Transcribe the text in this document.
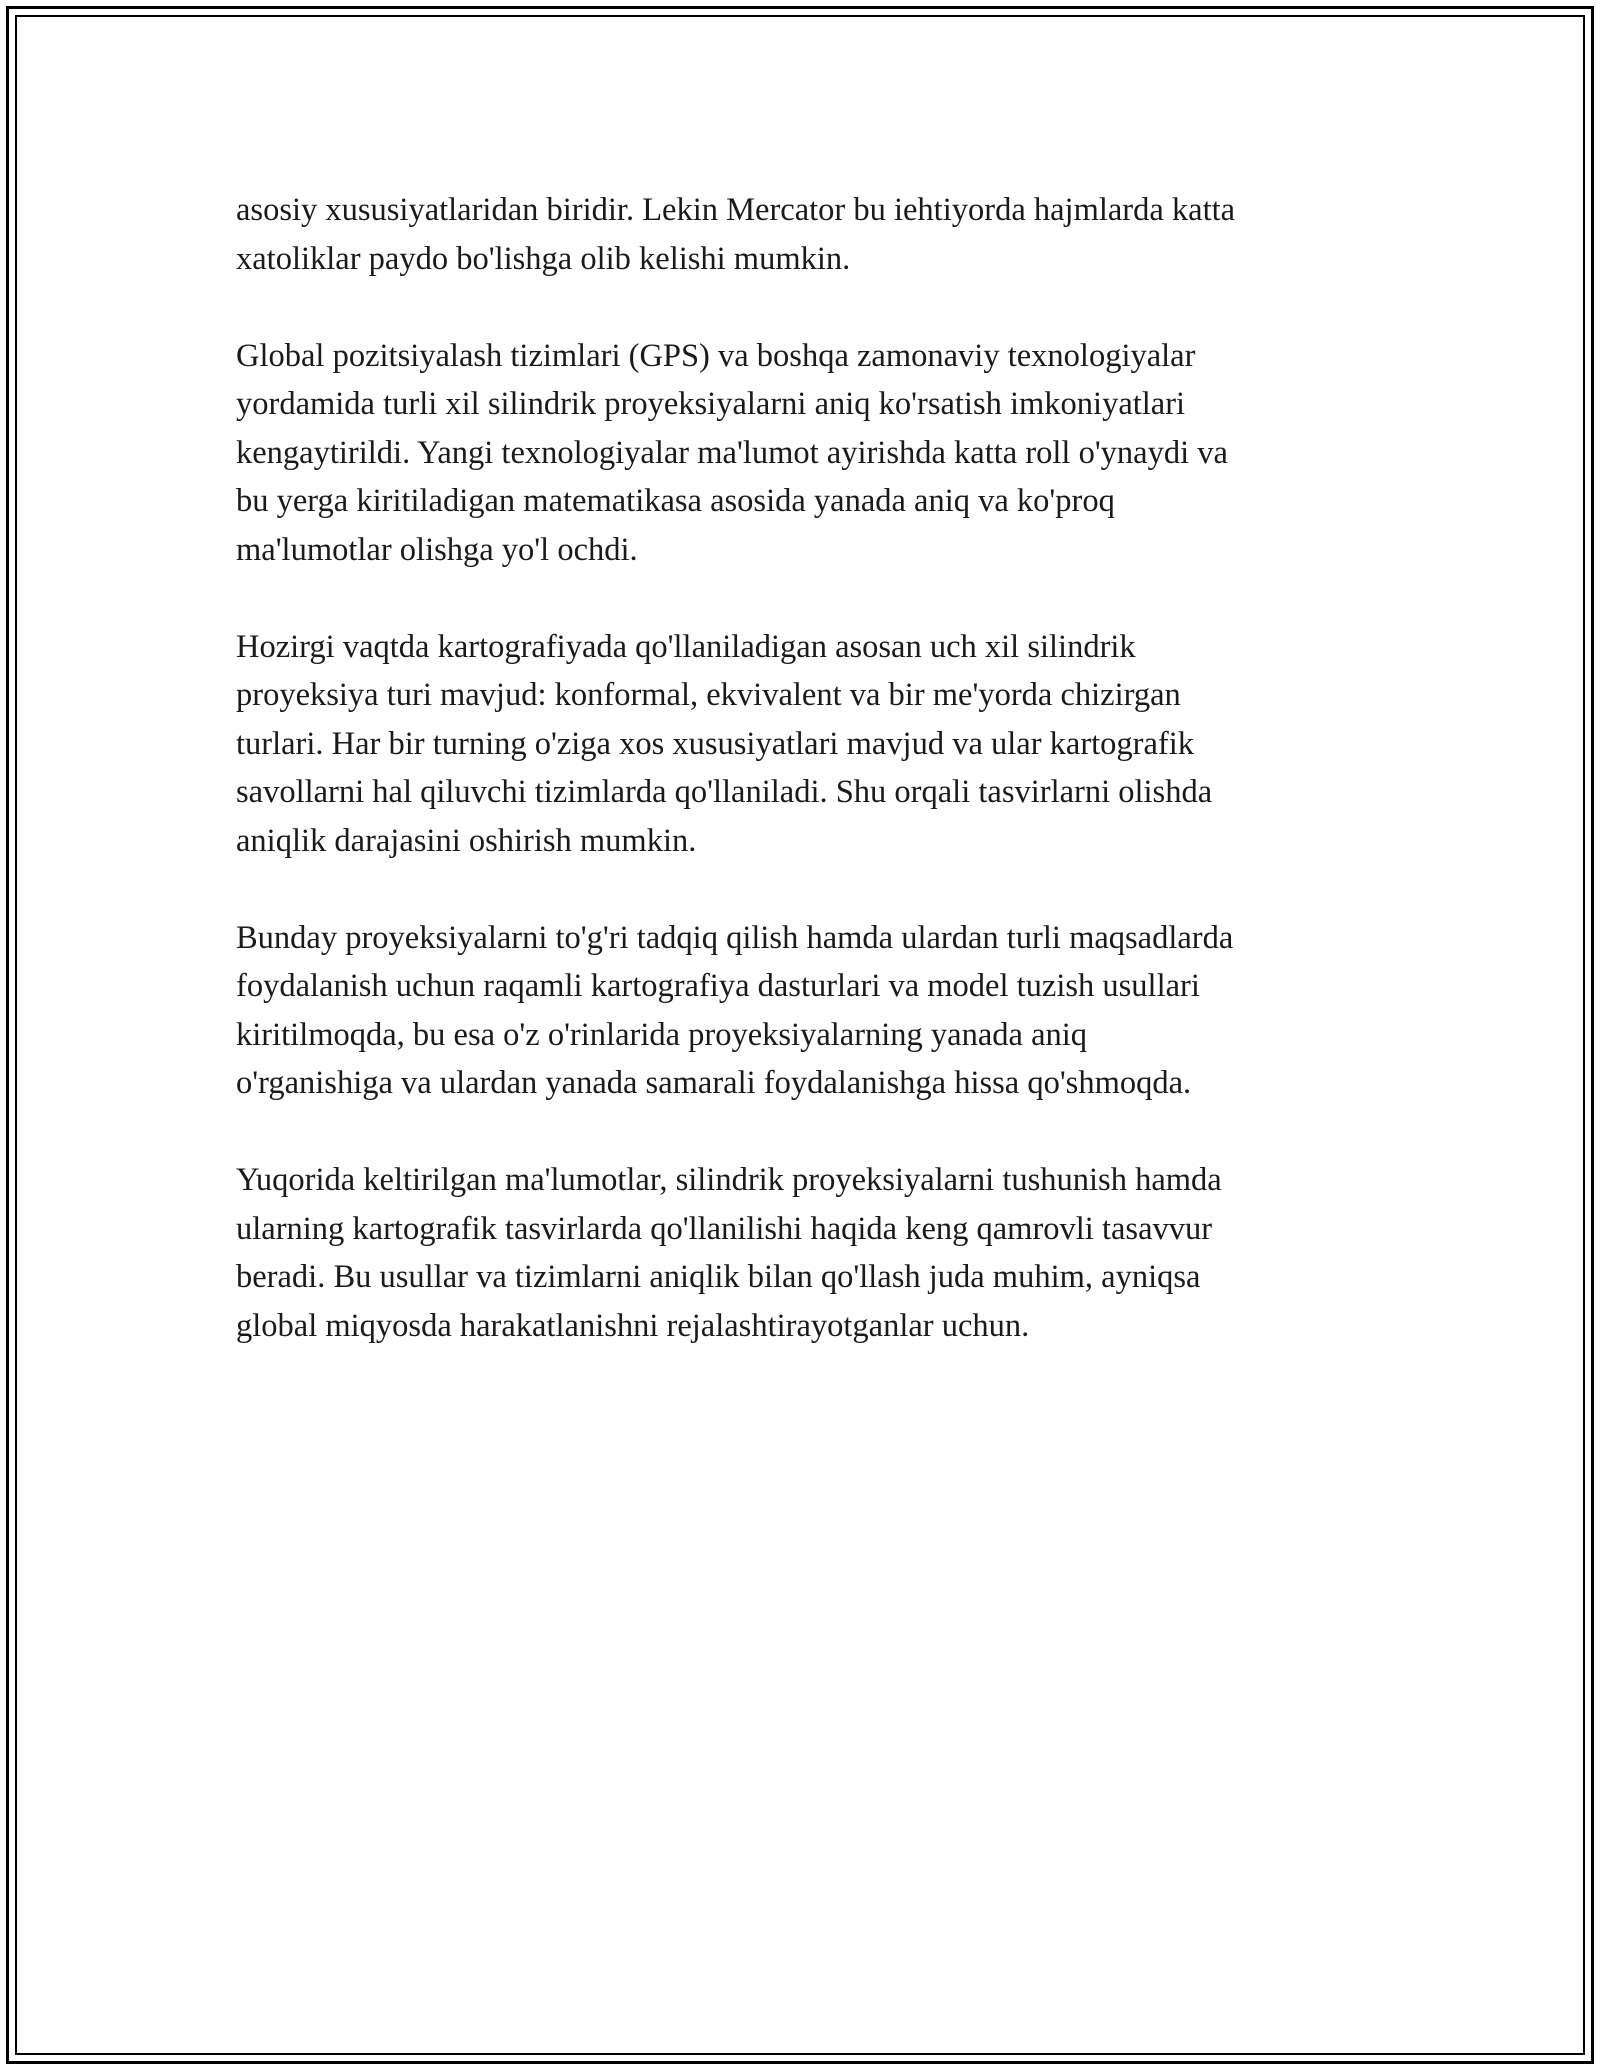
asosiy xususiyatlaridan biridir. Lekin Mercator bu iehtiyorda hajmlarda katta
xatoliklar paydo bo'lishga olib kelishi mumkin.

Global pozitsiyalash tizimlari (GPS) va boshqa zamonaviy texnologiyalar
yordamida turli xil silindrik proyeksiyalarni aniq ko'rsatish imkoniyatlari
kengaytirildi. Yangi texnologiyalar ma'lumot ayirishda katta roll o'ynaydi va
bu yerga kiritiladigan matematikasa asosida yanada aniq va ko'proq
ma'lumotlar olishga yo'l ochdi.

Hozirgi vaqtda kartografiyada qo'llaniladigan asosan uch xil silindrik
proyeksiya turi mavjud: konformal, ekvivalent va bir me'yorda chizirgan
turlari. Har bir turning o'ziga xos xususiyatlari mavjud va ular kartografik
savollarni hal qiluvchi tizimlarda qo'llaniladi. Shu orqali tasvirlarni olishda
aniqlik darajasini oshirish mumkin.

Bunday proyeksiyalarni to'g'ri tadqiq qilish hamda ulardan turli maqsadlarda
foydalanish uchun raqamli kartografiya dasturlari va model tuzish usullari
kiritilmoqda, bu esa o'z o'rinlarida proyeksiyalarning yanada aniq
o'rganishiga va ulardan yanada samarali foydalanishga hissa qo'shmoqda.

Yuqorida keltirilgan ma'lumotlar, silindrik proyeksiyalarni tushunish hamda
ularning kartografik tasvirlarda qo'llanilishi haqida keng qamrovli tasavvur
beradi. Bu usullar va tizimlarni aniqlik bilan qo'llash juda muhim, ayniqsa
global miqyosda harakatlanishni rejalashtirayotganlar uchun.
